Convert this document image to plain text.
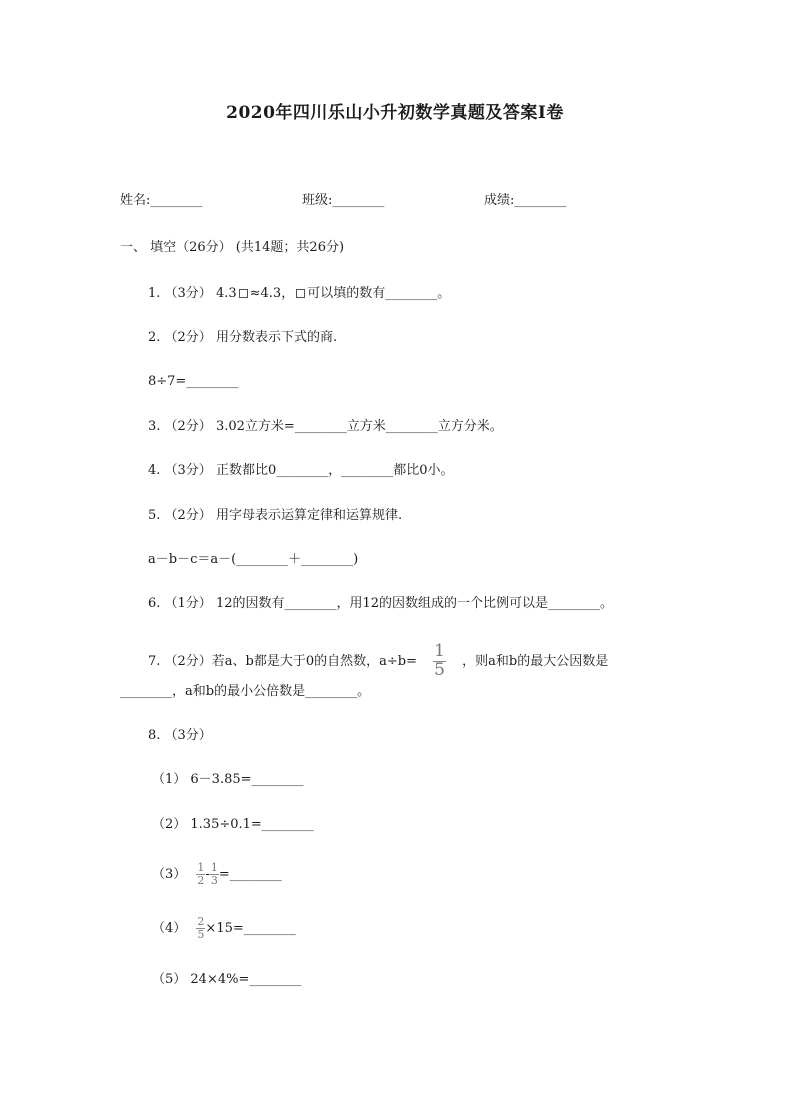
2020年四川乐山小升初数学真题及答案Ⅰ卷
姓名:________	班级:________	成绩:________
一、 填空（26分） (共14题；共26分)
1. （3分） 4.3 ≈4.3， 可以填的数有________。
2. （2分） 用分数表示下式的商.
8÷7=________
3. （2分） 3.02立方米=________立方米________立方分米。
4. （3分） 正数都比0________，________都比0小。
5. （2分） 用字母表示运算定律和运算规律.
a－b－c＝a－(________＋________)
6. （1分） 12的因数有________，用12的因数组成的一个比例可以是________。
7. （2分）若a、b都是大于0的自然数，$a\div b= \frac{1}{5}$ ，则a和b的最大公因数是
________，a和b的最小公倍数是________。
8. （3分）
（1） 6－3.85=________
（2） 1.35÷0.1=________
$(3) \frac{1}{2} - \frac{1}{3}$ =________
$(4) \frac{2}{5}$ ×15=________
（5） 24×4%=________
